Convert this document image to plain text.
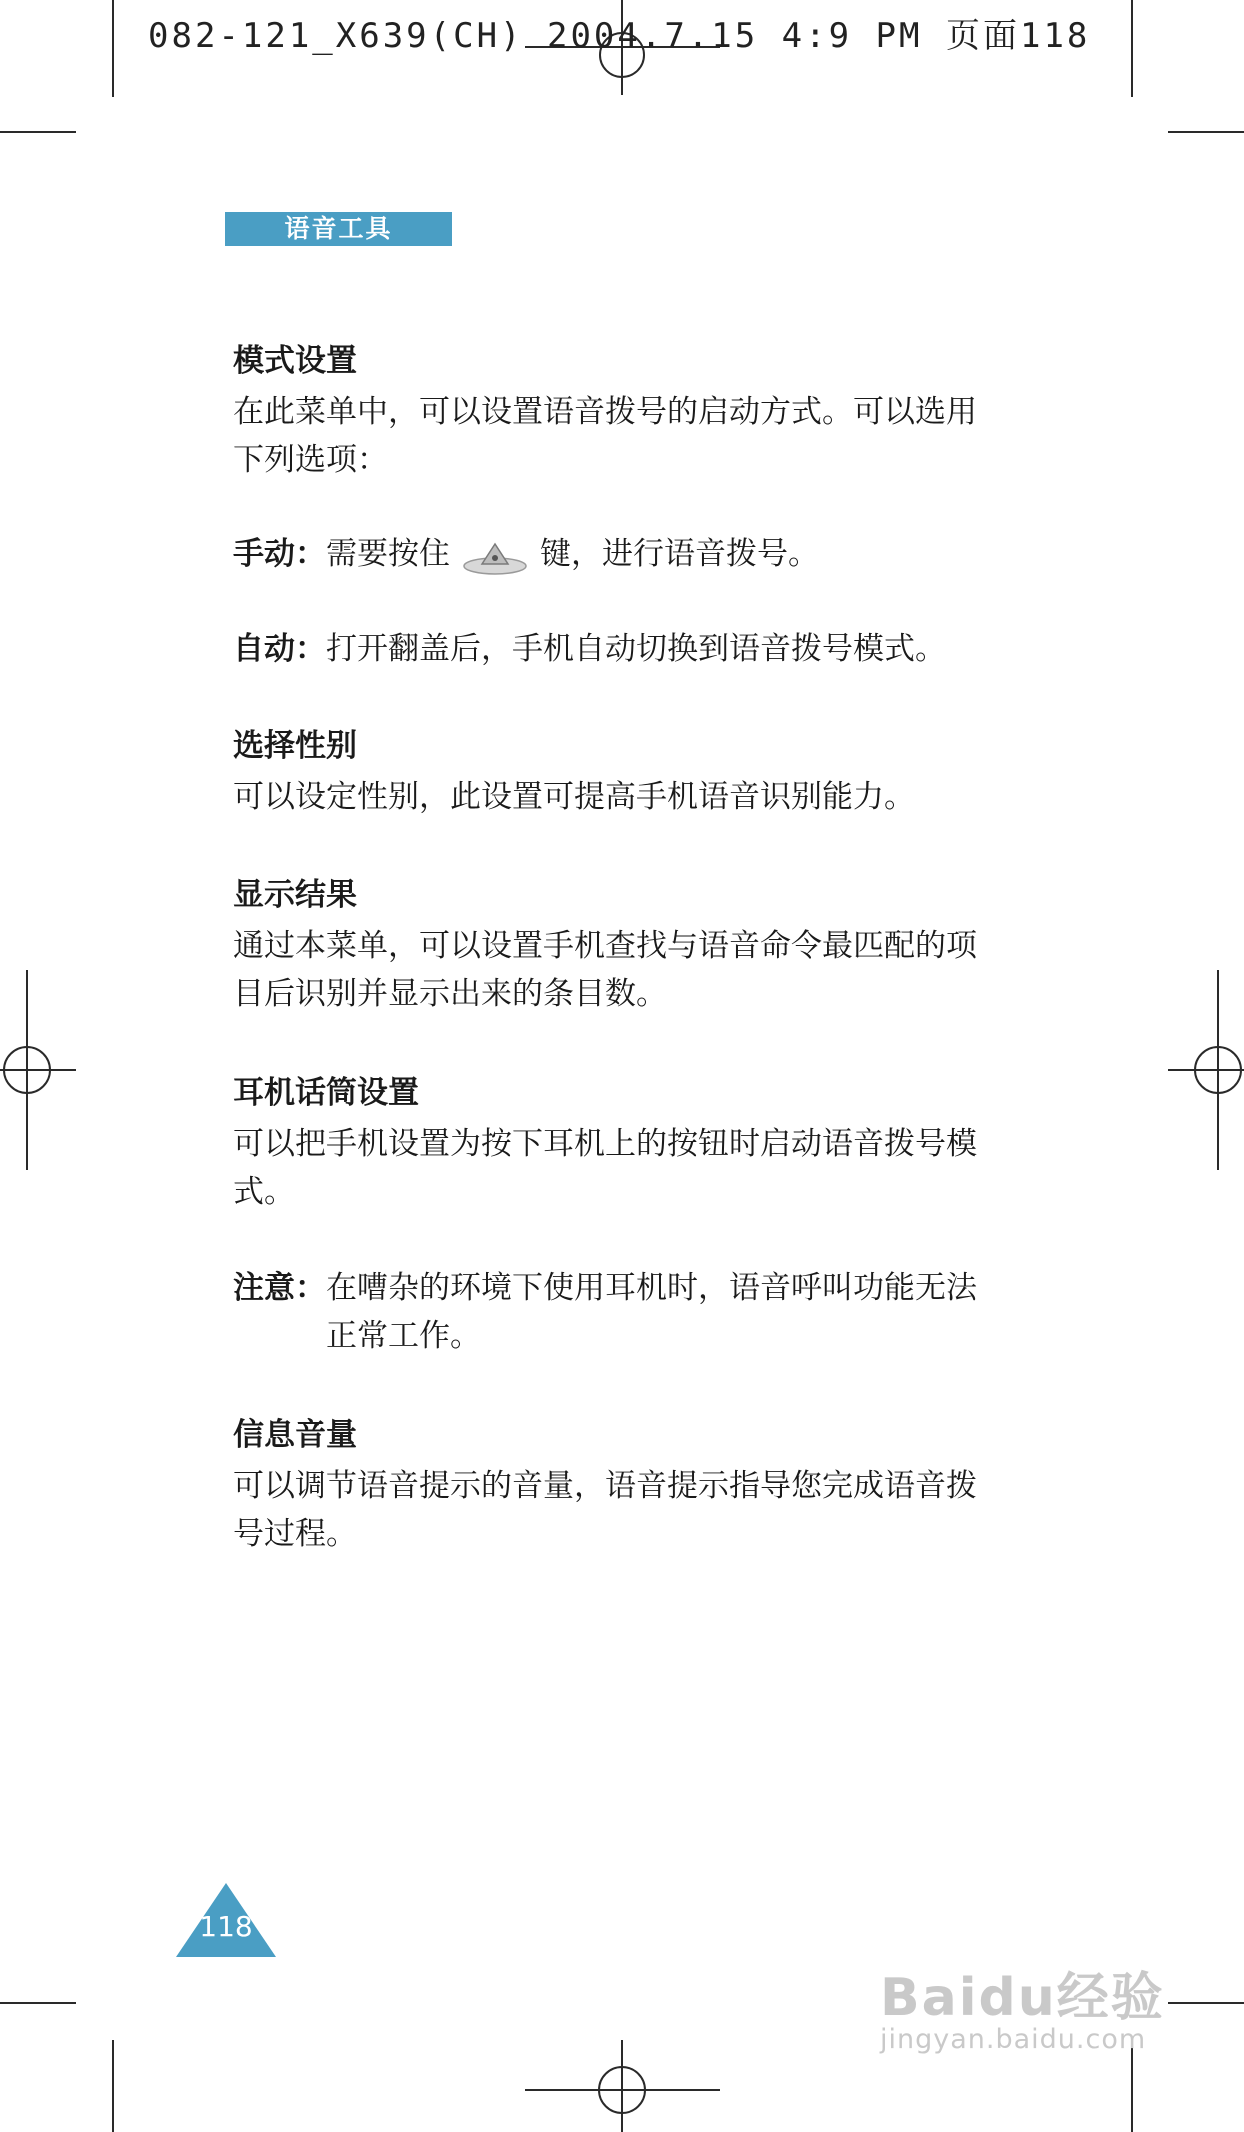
082-121_X639(CH) 2004.7.15 4:9 PM 页面118
语音工具

模式设置

在此菜单中，可以设置语音拨号的启动方式。可以选用下列选项：

手动： 需要按住	键，进行语音拨号。
自动： 打开翻盖后，手机自动切换到语音拨号模式。

选择性别

可以设定性别，此设置可提高手机语音识别能力。

显示结果

通过本菜单，可以设置手机查找与语音命令最匹配的项目后识别并显示出来的条目数。

耳机话筒设置

可以把手机设置为按下耳机上的按钮时启动语音拨号模式。

注意： 在嘈杂的环境下使用耳机时，语音呼叫功能无法正常工作。

信息音量

可以调节语音提示的音量，语音提示指导您完成语音拨号过程。

118
Baidu经验
jingyan.baidu.com
